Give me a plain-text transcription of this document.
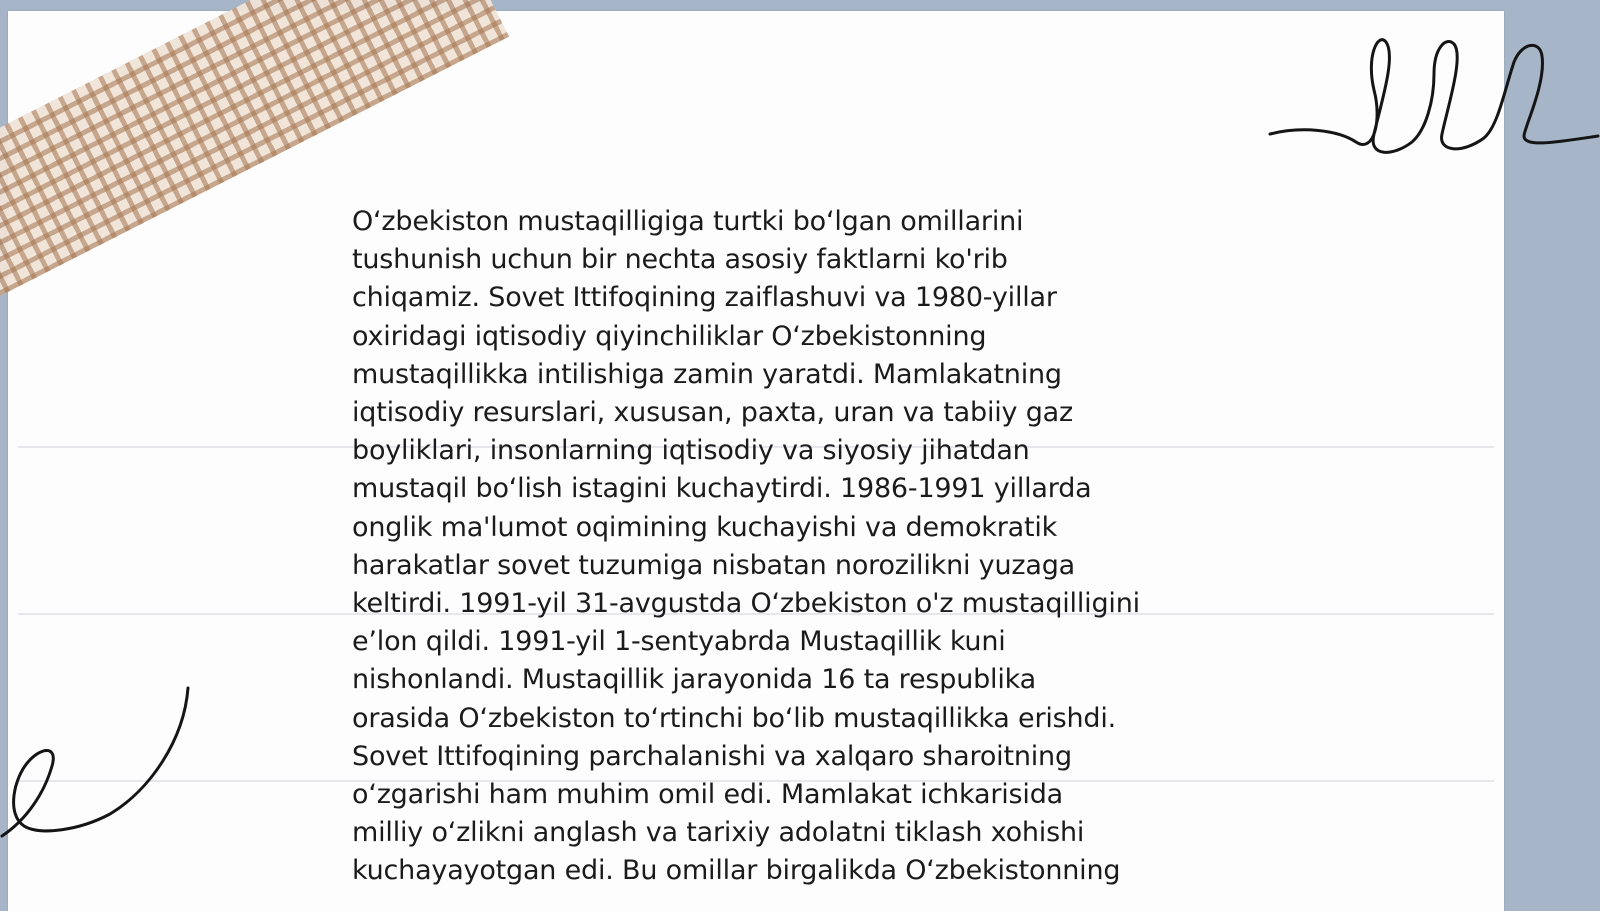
O‘zbekiston mustaqilligiga turtki bo‘lgan omillarini
tushunish uchun bir nechta asosiy faktlarni ko'rib
chiqamiz. Sovet Ittifoqining zaiflashuvi va 1980-yillar
oxiridagi iqtisodiy qiyinchiliklar O‘zbekistonning
mustaqillikka intilishiga zamin yaratdi. Mamlakatning
iqtisodiy resurslari, xususan, paxta, uran va tabiiy gaz
boyliklari, insonlarning iqtisodiy va siyosiy jihatdan
mustaqil bo‘lish istagini kuchaytirdi. 1986-1991 yillarda
onglik ma'lumot oqimining kuchayishi va demokratik
harakatlar sovet tuzumiga nisbatan norozilikni yuzaga
keltirdi. 1991-yil 31-avgustda O‘zbekiston o'z mustaqilligini
e’lon qildi. 1991-yil 1-sentyabrda Mustaqillik kuni
nishonlandi. Mustaqillik jarayonida 16 ta respublika
orasida O‘zbekiston to‘rtinchi bo‘lib mustaqillikka erishdi.
Sovet Ittifoqining parchalanishi va xalqaro sharoitning
o‘zgarishi ham muhim omil edi. Mamlakat ichkarisida
milliy o‘zlikni anglash va tarixiy adolatni tiklash xohishi
kuchayayotgan edi. Bu omillar birgalikda O‘zbekistonning
